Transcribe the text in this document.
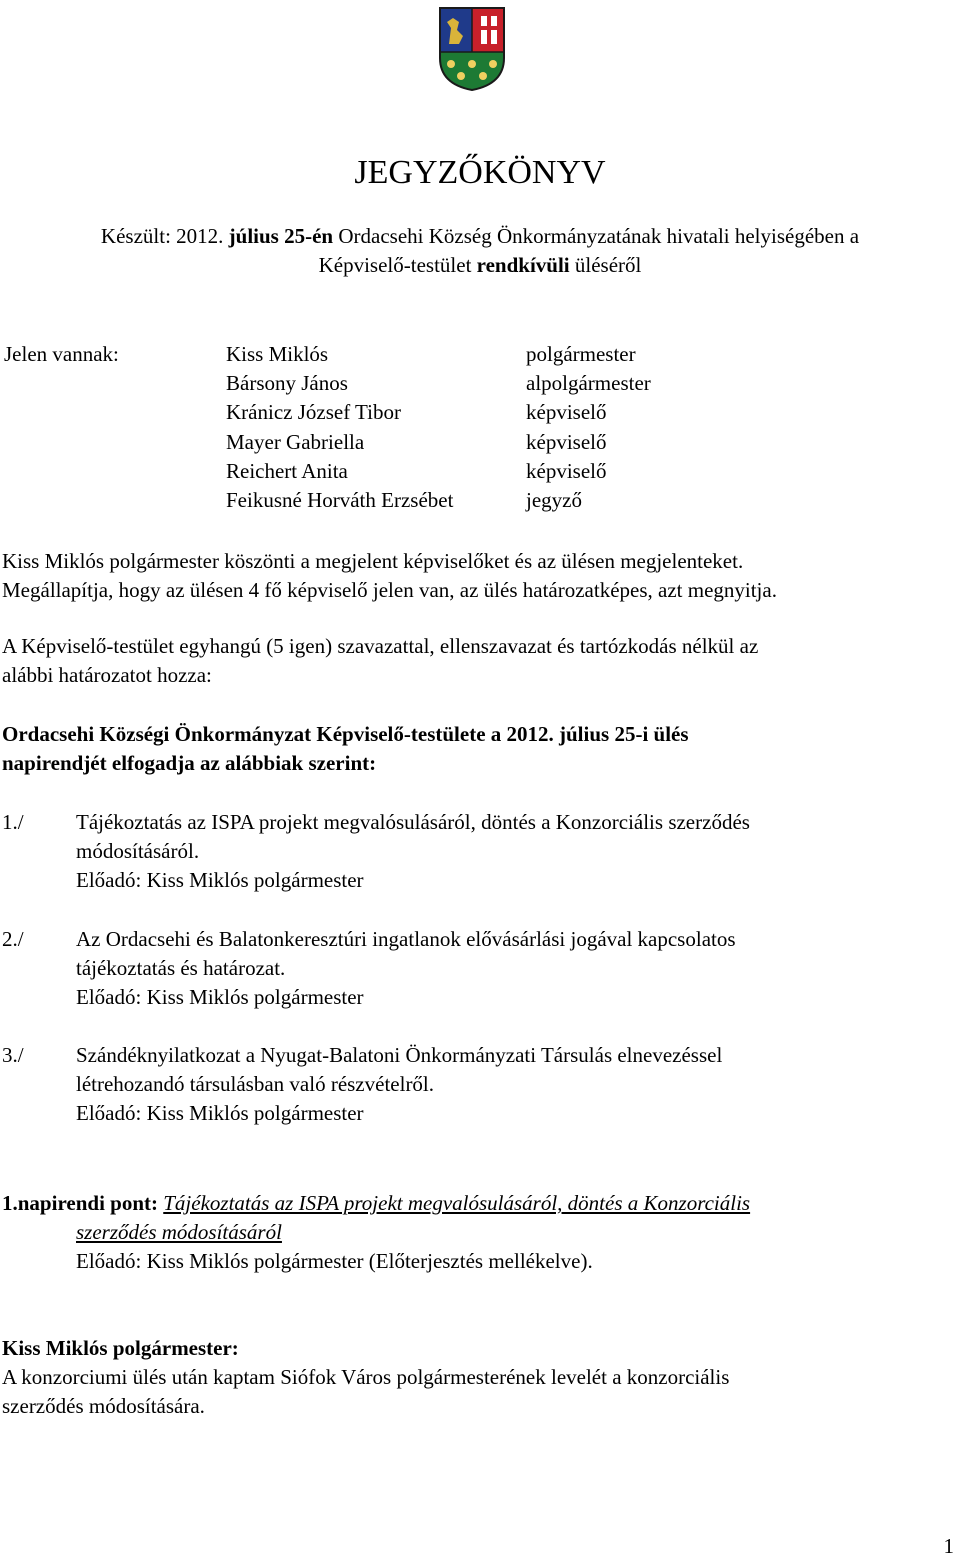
JEGYZŐKÖNYV
Készült: 2012. július 25-én Ordacsehi Község Önkormányzatának hivatali helyiségében a
Képviselő-testület rendkívüli üléséről
Jelen vannak:	Kiss Miklós	polgármester
Bársony János	alpolgármester
Kránicz József Tibor	képviselő
Mayer Gabriella	képviselő
Reichert Anita	képviselő
Feikusné Horváth Erzsébet	jegyző
Kiss Miklós polgármester köszönti a megjelent képviselőket és az ülésen megjelenteket.
Megállapítja, hogy az ülésen 4 fő képviselő jelen van, az ülés határozatképes, azt megnyitja.
A Képviselő-testület egyhangú (5 igen) szavazattal, ellenszavazat és tartózkodás nélkül az
alábbi határozatot hozza:
Ordacsehi Községi Önkormányzat Képviselő-testülete a 2012. július 25-i ülés
napirendjét elfogadja az alábbiak szerint:
1./ Tájékoztatás az ISPA projekt megvalósulásáról, döntés a Konzorciális szerződés
módosításáról.
Előadó: Kiss Miklós polgármester
2./ Az Ordacsehi és Balatonkeresztúri ingatlanok elővásárlási jogával kapcsolatos
tájékoztatás és határozat.
Előadó: Kiss Miklós polgármester
3./ Szándéknyilatkozat a Nyugat-Balatoni Önkormányzati Társulás elnevezéssel
létrehozandó társulásban való részvételről.
Előadó: Kiss Miklós polgármester
1.napirendi pont: Tájékoztatás az ISPA projekt megvalósulásáról, döntés a Konzorciális
szerződés módosításáról
Előadó: Kiss Miklós polgármester (Előterjesztés mellékelve).
Kiss Miklós polgármester:
A konzorciumi ülés után kaptam Siófok Város polgármesterének levelét a konzorciális
szerződés módosítására.
1
